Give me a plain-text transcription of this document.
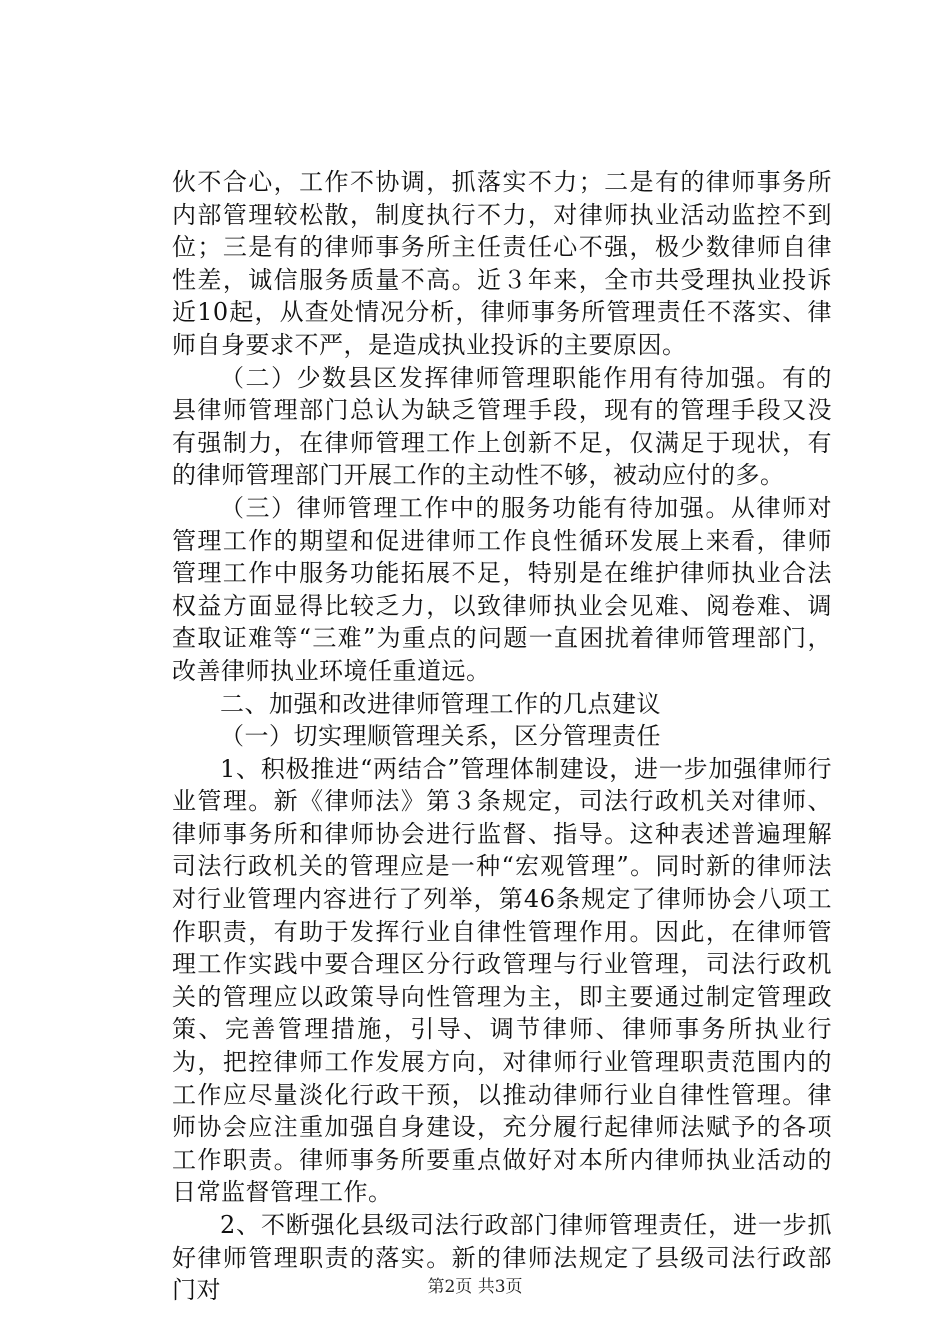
伙不合心，工作不协调，抓落实不力；二是有的律师事务所内部管理较松散，制度执行不力，对律师执业活动监控不到位；三是有的律师事务所主任责任心不强，极少数律师自律性差，诚信服务质量不高。近３年来，全市共受理执业投诉近10起，从查处情况分析，律师事务所管理责任不落实、律师自身要求不严，是造成执业投诉的主要原因。

（二）少数县区发挥律师管理职能作用有待加强。有的县律师管理部门总认为缺乏管理手段，现有的管理手段又没有强制力，在律师管理工作上创新不足，仅满足于现状，有的律师管理部门开展工作的主动性不够，被动应付的多。

（三）律师管理工作中的服务功能有待加强。从律师对管理工作的期望和促进律师工作良性循环发展上来看，律师管理工作中服务功能拓展不足，特别是在维护律师执业合法权益方面显得比较乏力，以致律师执业会见难、阅卷难、调查取证难等“三难”为重点的问题一直困扰着律师管理部门，改善律师执业环境任重道远。

二、加强和改进律师管理工作的几点建议

（一）切实理顺管理关系，区分管理责任

1、积极推进“两结合”管理体制建设，进一步加强律师行业管理。新《律师法》第３条规定，司法行政机关对律师、律师事务所和律师协会进行监督、指导。这种表述普遍理解司法行政机关的管理应是一种“宏观管理”。同时新的律师法对行业管理内容进行了列举，第46条规定了律师协会八项工作职责，有助于发挥行业自律性管理作用。因此，在律师管理工作实践中要合理区分行政管理与行业管理，司法行政机关的管理应以政策导向性管理为主，即主要通过制定管理政策、完善管理措施，引导、调节律师、律师事务所执业行为，把控律师工作发展方向，对律师行业管理职责范围内的工作应尽量淡化行政干预，以推动律师行业自律性管理。律师协会应注重加强自身建设，充分履行起律师法赋予的各项工作职责。律师事务所要重点做好对本所内律师执业活动的日常监督管理工作。

2、不断强化县级司法行政部门律师管理责任，进一步抓好律师管理职责的落实。新的律师法规定了县级司法行政部门对	第2页 共3页
